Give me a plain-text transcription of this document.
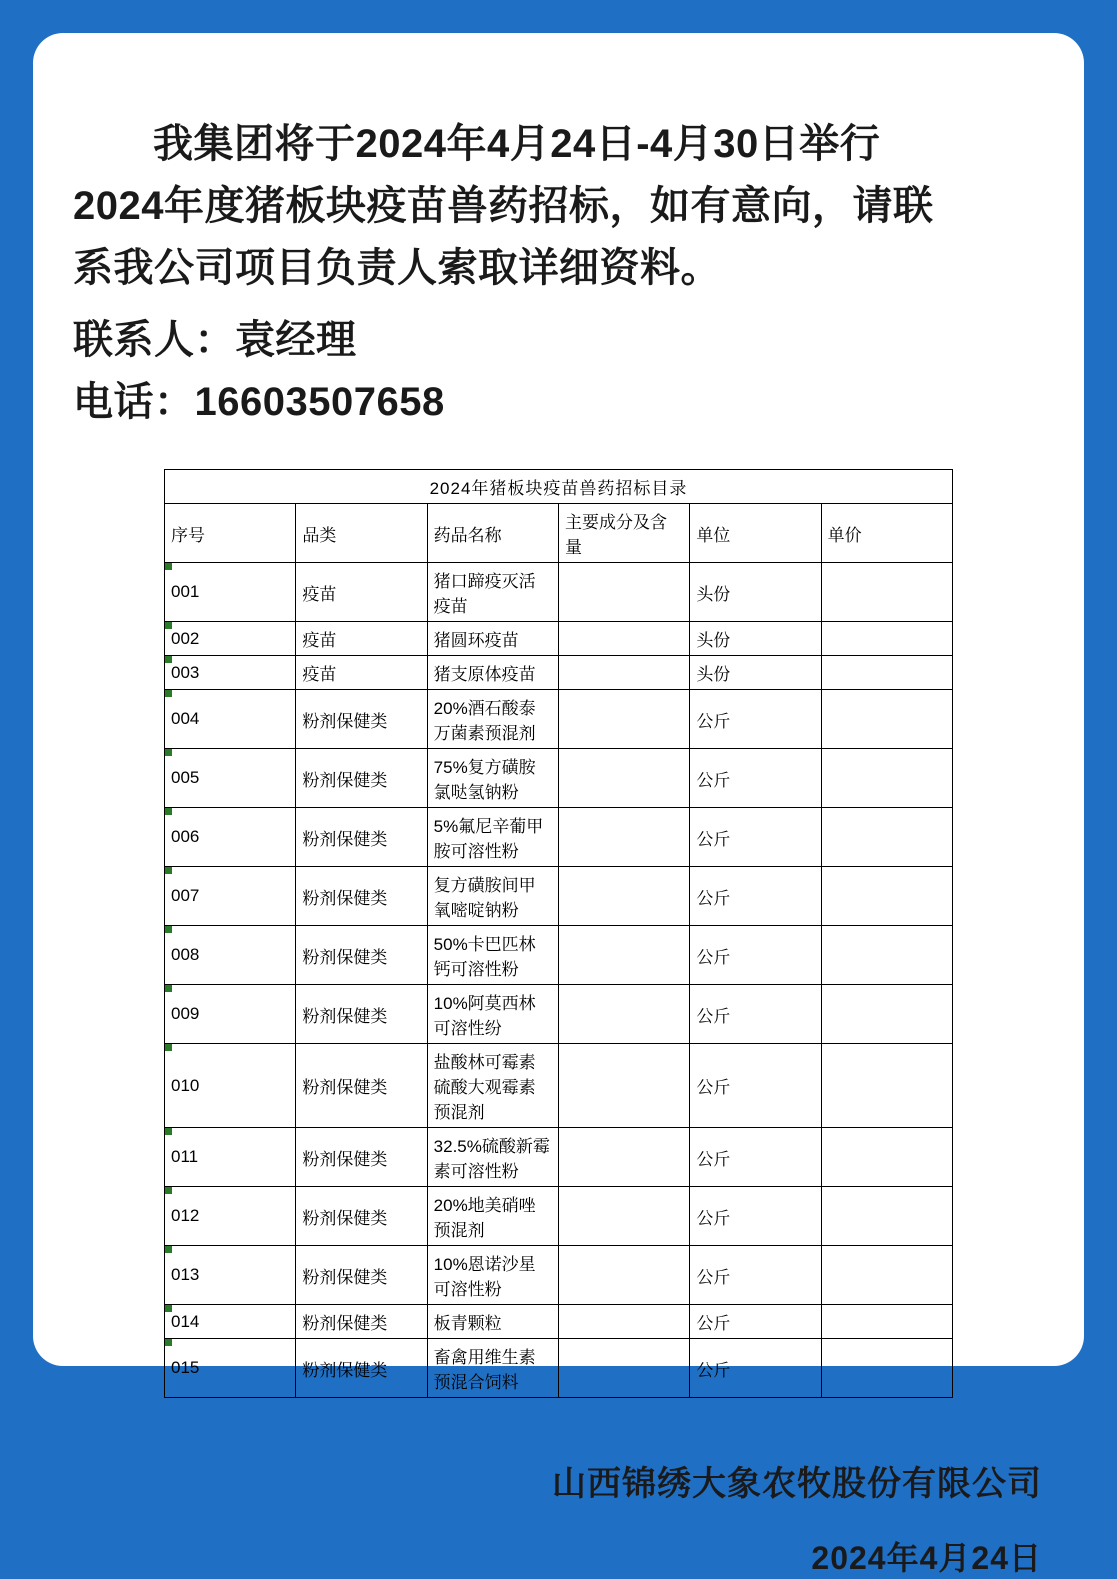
我集团将于2024年4月24日-4月30日举行

2024年度猪板块疫苗兽药招标，如有意向，请联

系我公司项目负责人索取详细资料。

联系人：袁经理

电话：16603507658

2024年猪板块疫苗兽药招标目录					
序号	品类	药品名称	主要成分及含量	单位	单价
001	疫苗	猪口蹄疫灭活疫苗		头份	
002	疫苗	猪圆环疫苗		头份	
003	疫苗	猪支原体疫苗		头份	
004	粉剂保健类	20%酒石酸泰万菌素预混剂		公斤	
005	粉剂保健类	75%复方磺胺氯哒氢钠粉		公斤	
006	粉剂保健类	5%氟尼辛葡甲胺可溶性粉		公斤	
007	粉剂保健类	复方磺胺间甲氧嘧啶钠粉		公斤	
008	粉剂保健类	50%卡巴匹林钙可溶性粉		公斤	
009	粉剂保健类	10%阿莫西林可溶性纷		公斤	
010	粉剂保健类	盐酸林可霉素硫酸大观霉素预混剂		公斤	
011	粉剂保健类	32.5%硫酸新霉素可溶性粉		公斤	
012	粉剂保健类	20%地美硝唑预混剂		公斤	
013	粉剂保健类	10%恩诺沙星可溶性粉		公斤	
014	粉剂保健类	板青颗粒		公斤	
015	粉剂保健类	畜禽用维生素预混合饲料		公斤	
山西锦绣大象农牧股份有限公司
2024年4月24日
